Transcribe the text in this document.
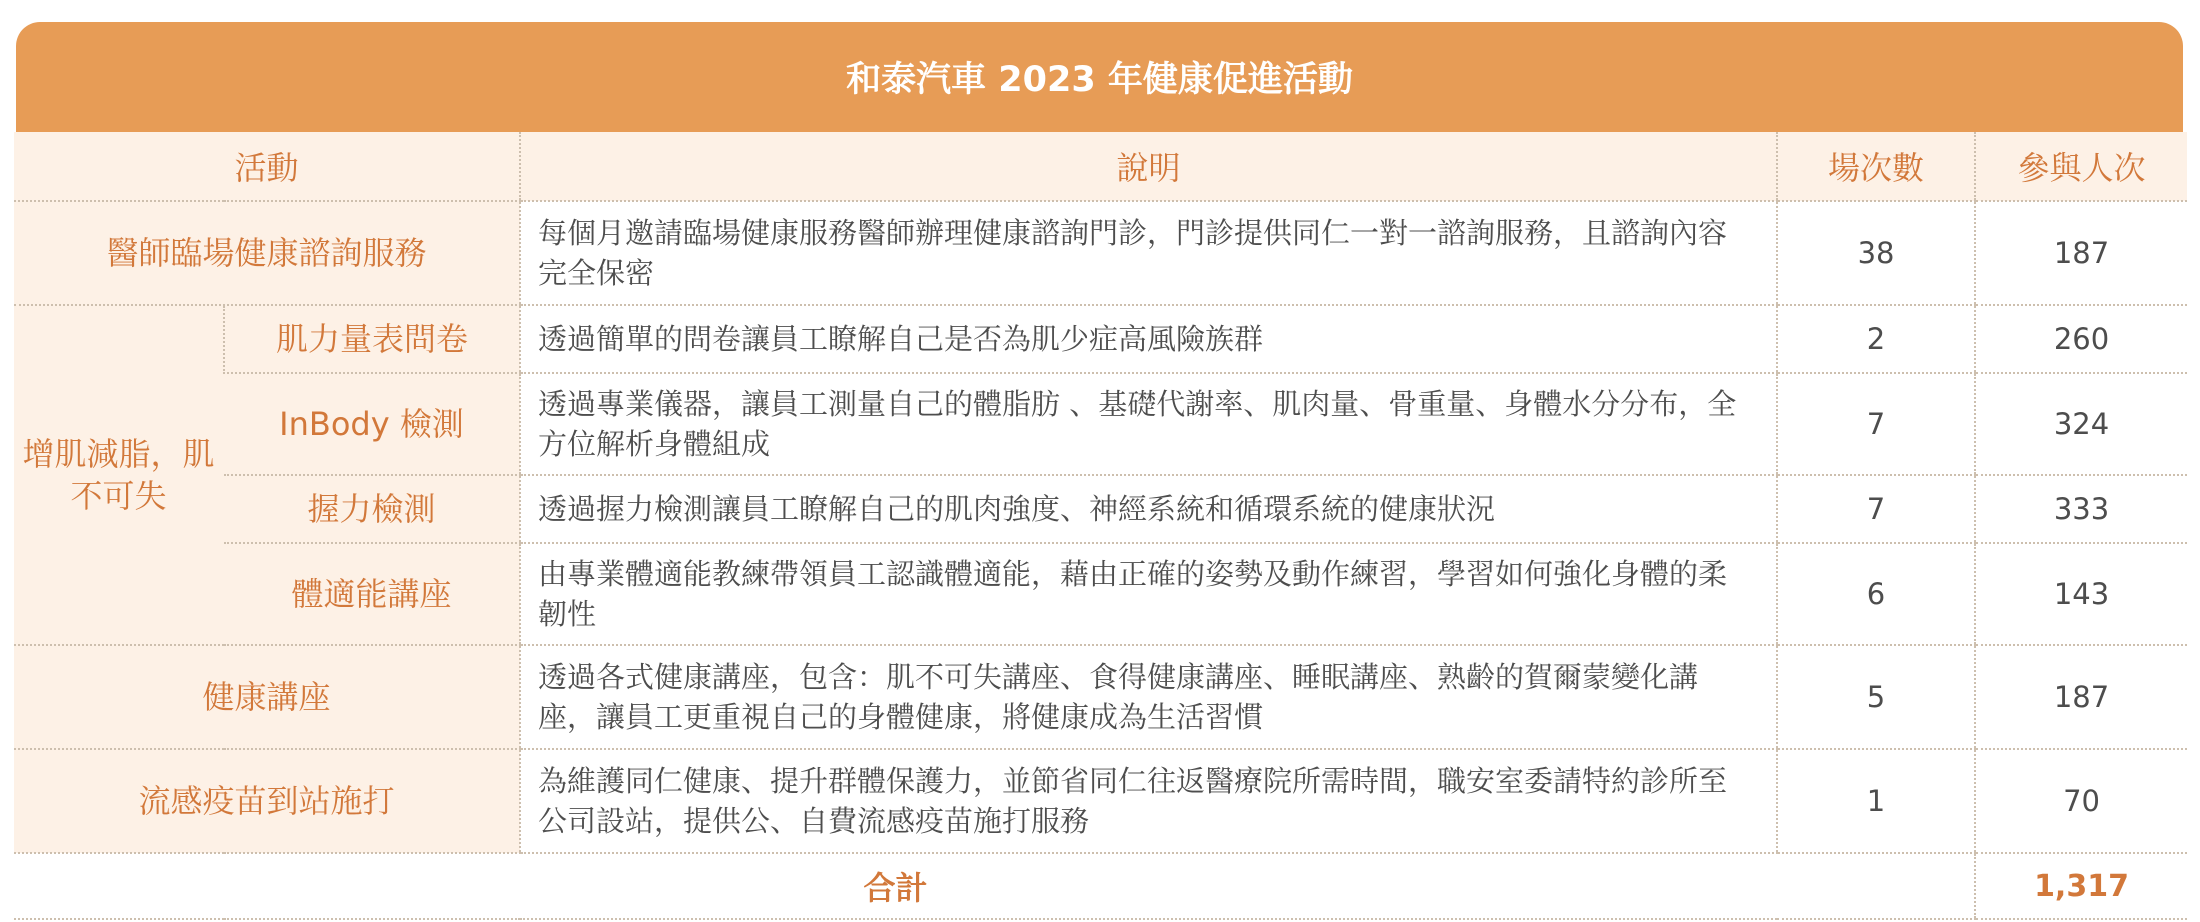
和泰汽車 2023 年健康促進活動
活動		說明	場次數	參與人次
醫師臨場健康諮詢服務		每個月邀請臨場健康服務醫師辦理健康諮詢門診，門診提供同仁一對一諮詢服務，且諮詢內容完全保密	38	187
增肌減脂，肌不可失	肌力量表問卷	透過簡單的問卷讓員工瞭解自己是否為肌少症高風險族群	2	260
	InBody 檢測	透過專業儀器，讓員工測量自己的體脂肪 、基礎代謝率、肌肉量、骨重量、身體水分分布，全方位解析身體組成	7	324
	握力檢測	透過握力檢測讓員工瞭解自己的肌肉強度、神經系統和循環系統的健康狀況	7	333
	體適能講座	由專業體適能教練帶領員工認識體適能，藉由正確的姿勢及動作練習，學習如何強化身體的柔韌性	6	143
健康講座		透過各式健康講座，包含：肌不可失講座、食得健康講座、睡眠講座、熟齡的賀爾蒙變化講座，讓員工更重視自己的身體健康，將健康成為生活習慣	5	187
流感疫苗到站施打		為維護同仁健康、提升群體保護力，並節省同仁往返醫療院所需時間，職安室委請特約診所至公司設站，提供公、自費流感疫苗施打服務	1	70
合計				1,317
